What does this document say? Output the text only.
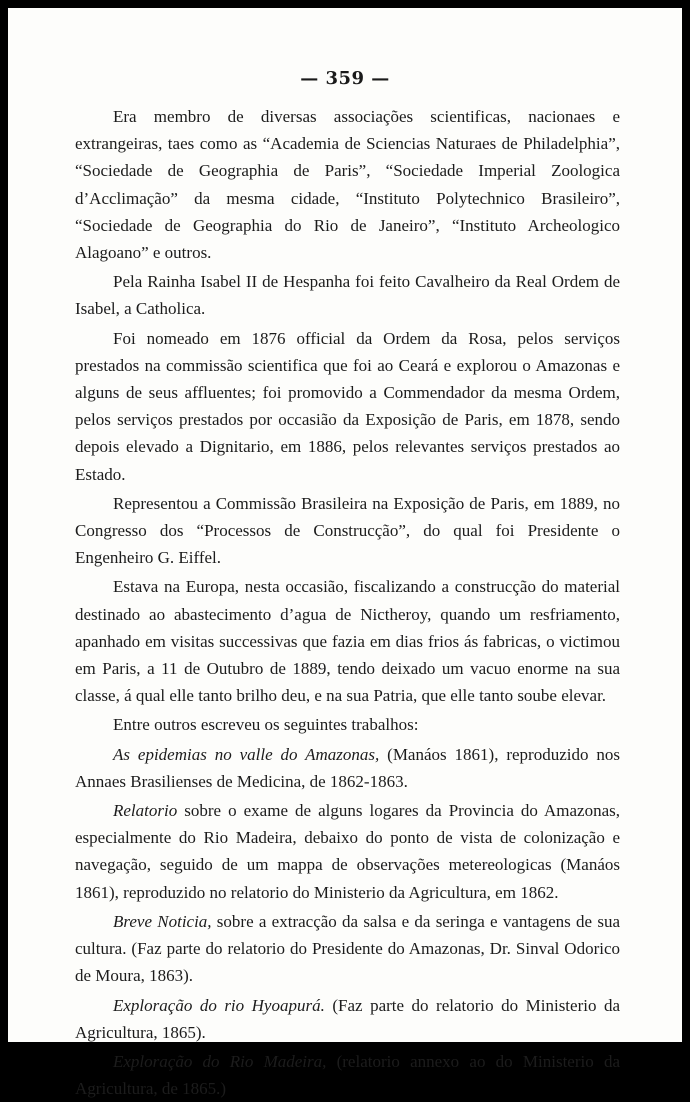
— 359 —

Era membro de diversas associações scientificas, nacionaes e extrangeiras, taes como as “Academia de Sciencias Naturaes de Philadelphia”, “Sociedade de Geographia de Paris”, “Sociedade Imperial Zoologica d’Acclimação” da mesma cidade, “Instituto Polytechnico Brasileiro”, “Sociedade de Geographia do Rio de Janeiro”, “Instituto Archeologico Alagoano” e outros.

Pela Rainha Isabel II de Hespanha foi feito Cavalheiro da Real Ordem de Isabel, a Catholica.

Foi nomeado em 1876 official da Ordem da Rosa, pelos serviços prestados na commissão scientifica que foi ao Ceará e explorou o Amazonas e alguns de seus affluentes; foi promovido a Commendador da mesma Ordem, pelos serviços prestados por occasião da Exposição de Paris, em 1878, sendo depois elevado a Dignitario, em 1886, pelos relevantes serviços prestados ao Estado.

Representou a Commissão Brasileira na Exposição de Paris, em 1889, no Congresso dos “Processos de Construcção”, do qual foi Presidente o Engenheiro G. Eiffel.

Estava na Europa, nesta occasião, fiscalizando a construcção do material destinado ao abastecimento d’agua de Nictheroy, quando um resfriamento, apanhado em visitas successivas que fazia em dias frios ás fabricas, o victimou em Paris, a 11 de Outubro de 1889, tendo deixado um vacuo enorme na sua classe, á qual elle tanto brilho deu, e na sua Patria, que elle tanto soube elevar.

Entre outros escreveu os seguintes trabalhos:

As epidemias no valle do Amazonas, (Manáos 1861), reproduzido nos Annaes Brasilienses de Medicina, de 1862-1863.

Relatorio sobre o exame de alguns logares da Provincia do Amazonas, especialmente do Rio Madeira, debaixo do ponto de vista de colonização e navegação, seguido de um mappa de observações metereologicas (Manáos 1861), reproduzido no relatorio do Ministerio da Agricultura, em 1862.

Breve Noticia, sobre a extracção da salsa e da seringa e vantagens de sua cultura. (Faz parte do relatorio do Presidente do Amazonas, Dr. Sinval Odorico de Moura, 1863).

Exploração do rio Hyoapurá. (Faz parte do relatorio do Ministerio da Agricultura, 1865).

Exploração do Rio Madeira, (relatorio annexo ao do Ministerio da Agricultura, de 1865.)
